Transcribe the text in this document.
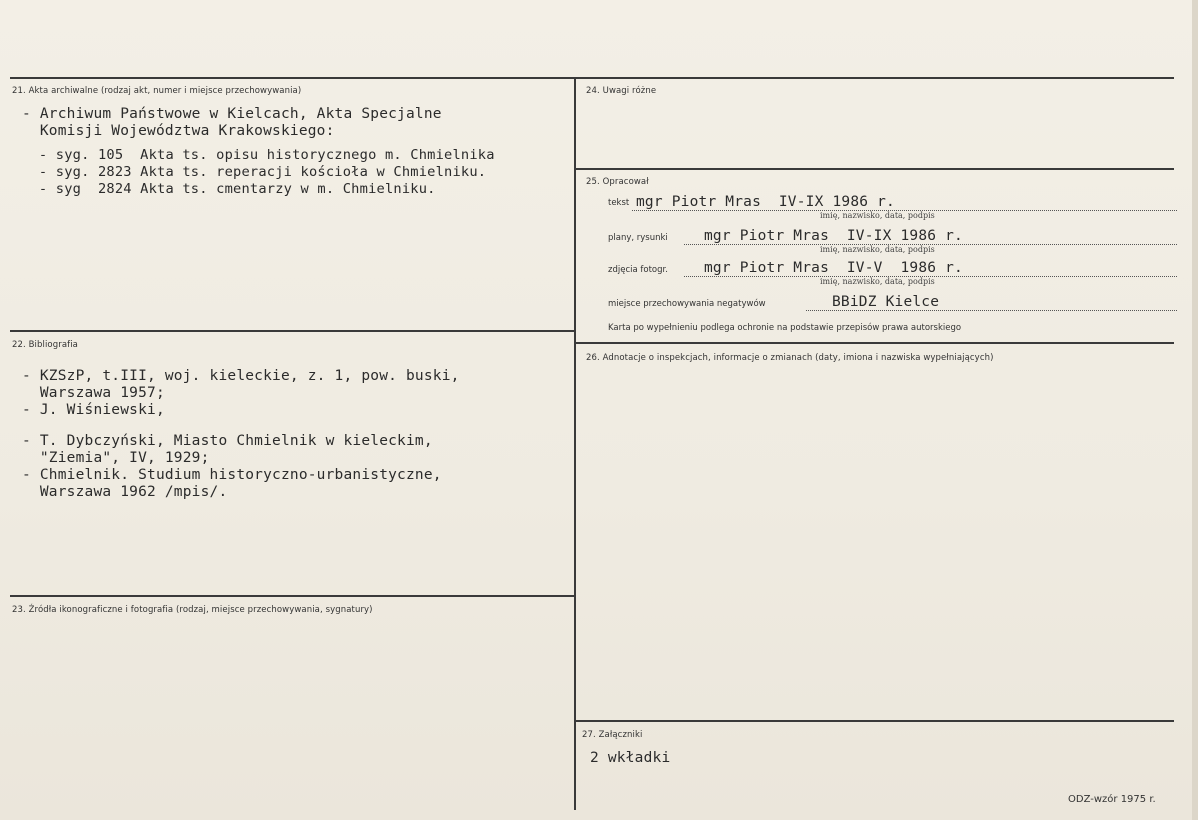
21. Akta archiwalne (rodzaj akt, numer i miejsce przechowywania)
- Archiwum Państwowe w Kielcach, Akta Specjalne
Komisji Województwa Krakowskiego:
- syg. 105  Akta ts. opisu historycznego m. Chmielnika
- syg. 2823 Akta ts. reperacji kościoła w Chmielniku.
- syg  2824 Akta ts. cmentarzy w m. Chmielniku.
22. Bibliografia
- KZSzP, t.III, woj. kieleckie, z. 1, pow. buski,
Warszawa 1957;
- J. Wiśniewski,
- T. Dybczyński, Miasto Chmielnik w kieleckim,
"Ziemia", IV, 1929;
- Chmielnik. Studium historyczno-urbanistyczne,
Warszawa 1962 /mpis/.
23. Źródła ikonograficzne i fotografia (rodzaj, miejsce przechowywania, sygnatury)
24. Uwagi różne
25. Opracował
tekst mgr Piotr Mras  IV-IX 1986 r.
imię, nazwisko, data, podpis
plany, rysunki mgr Piotr Mras  IV-IX 1986 r.
imię, nazwisko, data, podpis
zdjęcia fotogr. mgr Piotr Mras  IV-V  1986 r.
imię, nazwisko, data, podpis
miejsce przechowywania negatywów	BBiDZ Kielce
Karta po wypełnieniu podlega ochronie na podstawie przepisów prawa autorskiego
26. Adnotacje o inspekcjach, informacje o zmianach (daty, imiona i nazwiska wypełniających)
27. Załączniki
2 wkładki
ODZ-wzór 1975 r.
